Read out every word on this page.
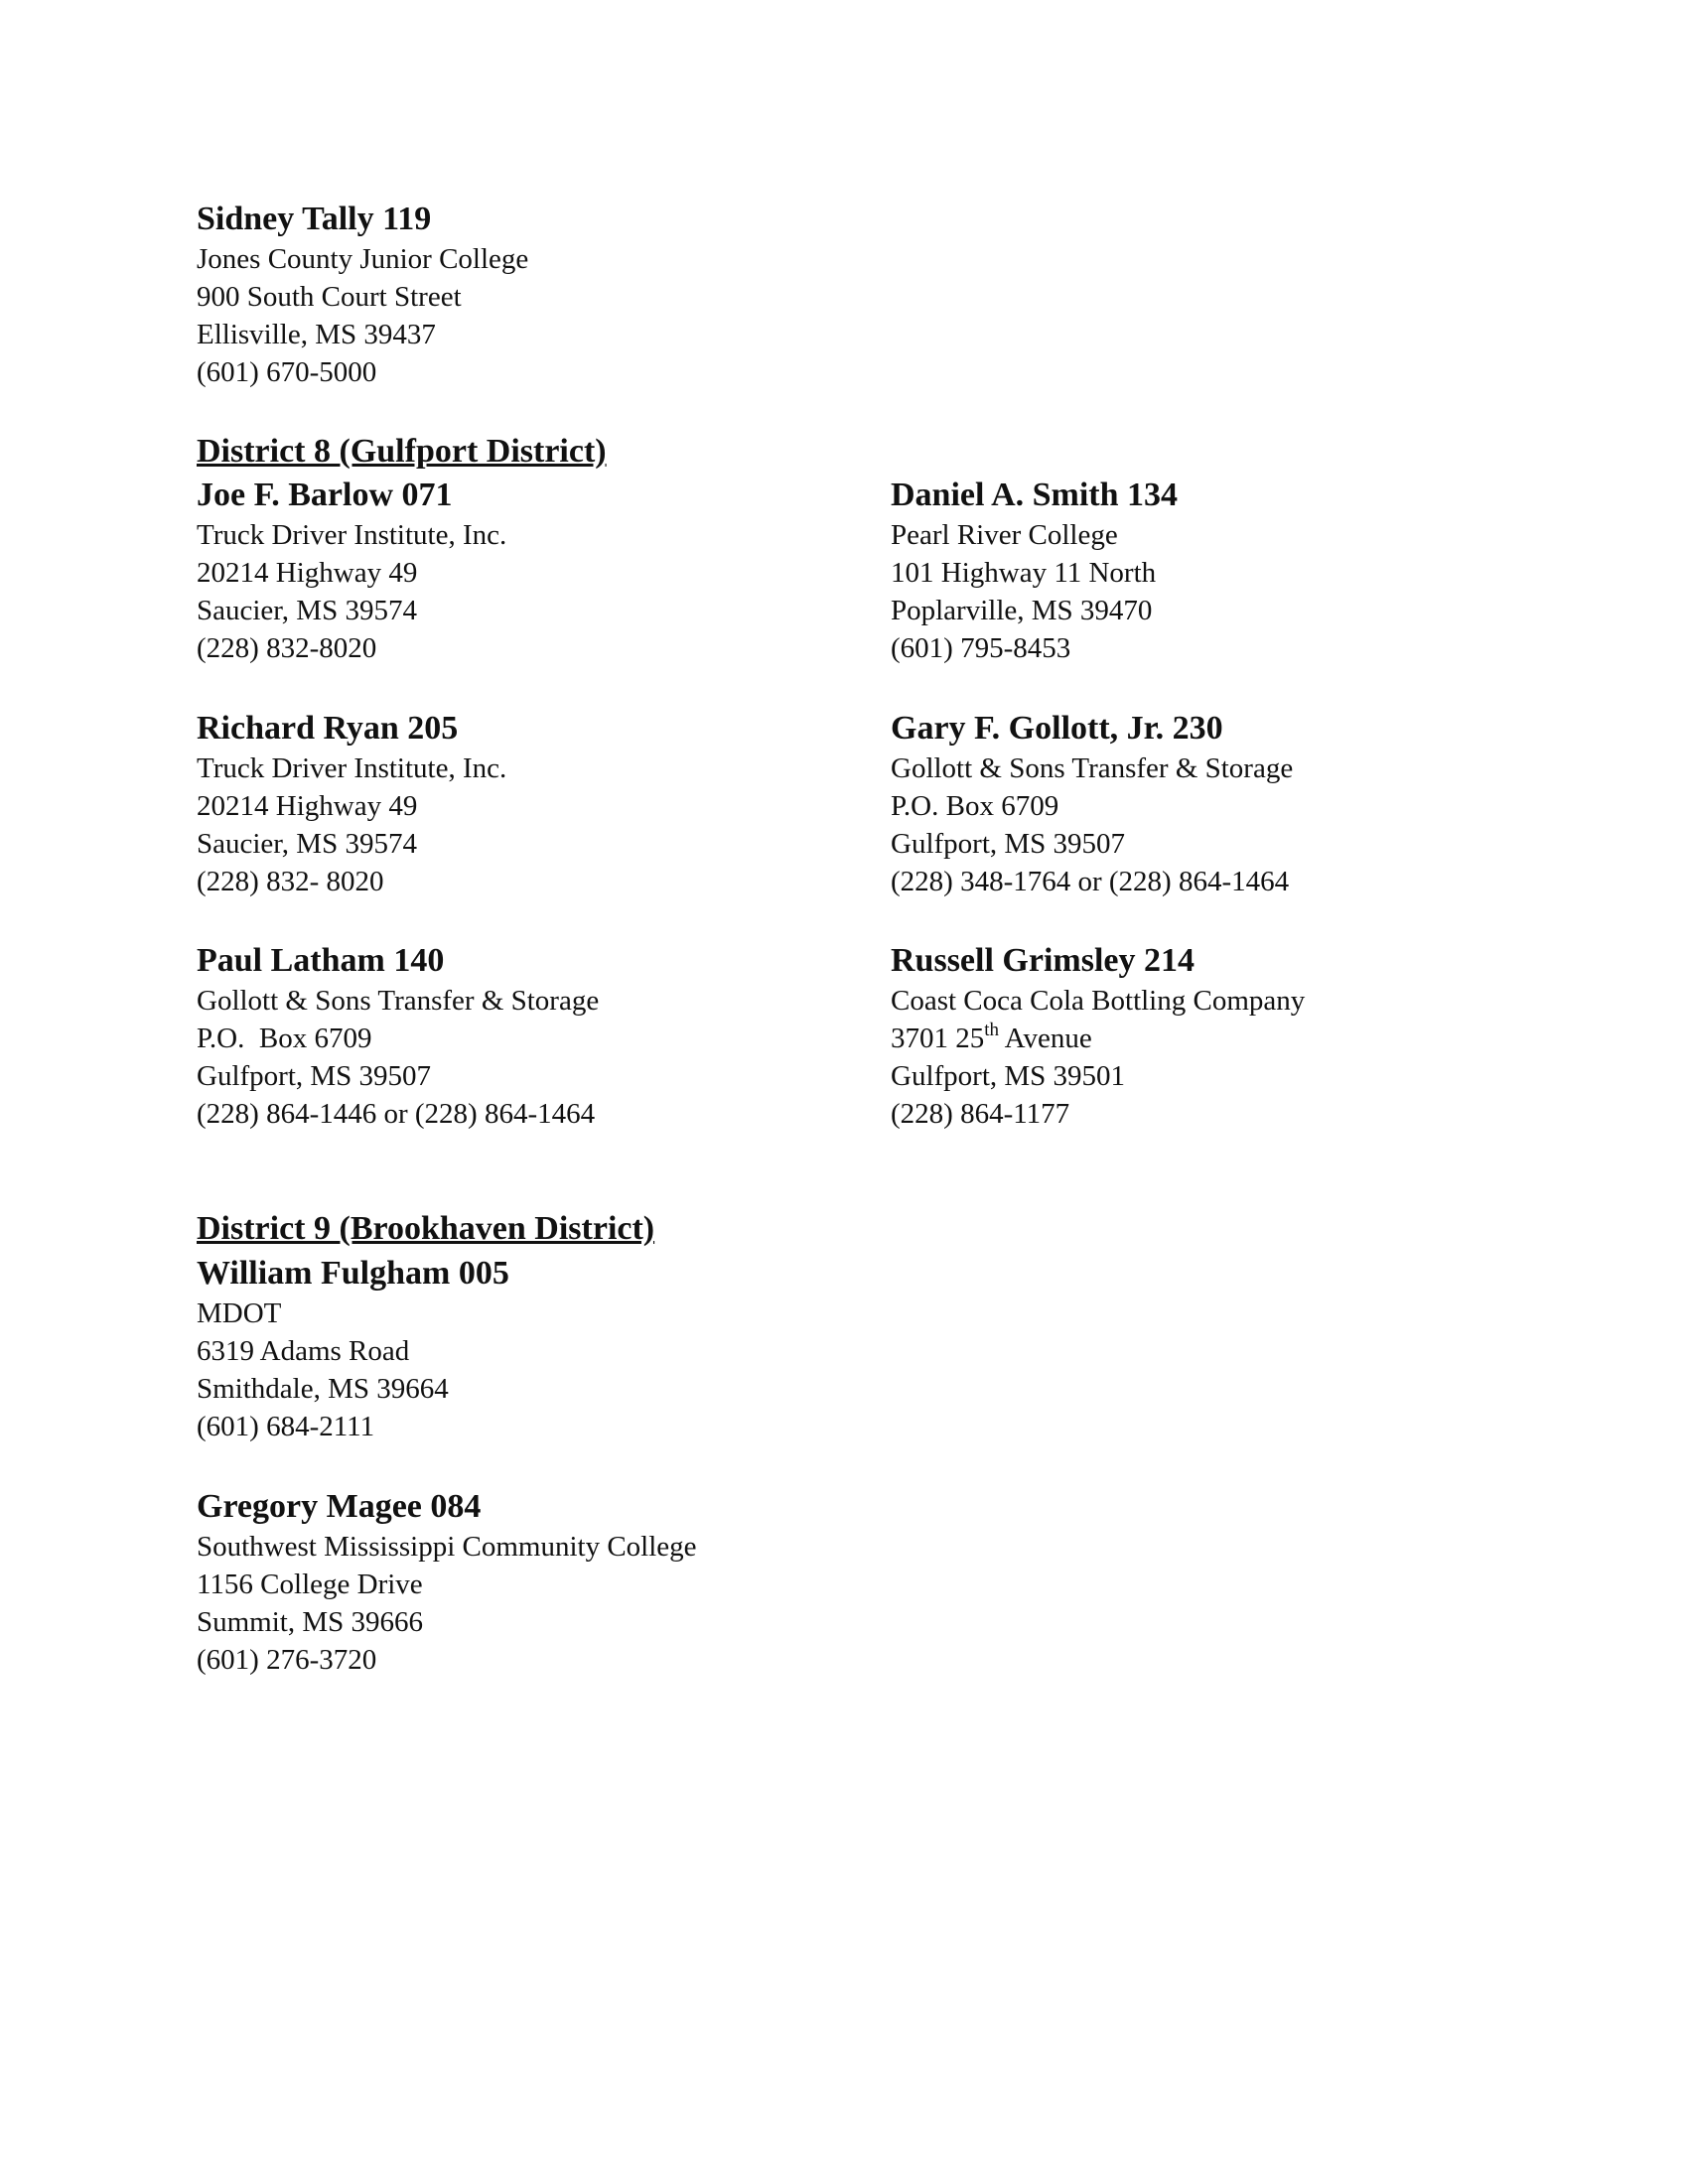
Sidney Tally 119
Jones County Junior College
900 South Court Street
Ellisville, MS 39437
(601) 670-5000
District 8 (Gulfport District)
Joe F. Barlow 071
Truck Driver Institute, Inc.
20214 Highway 49
Saucier, MS 39574
(228) 832-8020
Daniel A. Smith 134
Pearl River College
101 Highway 11 North
Poplarville, MS 39470
(601) 795-8453
Richard Ryan 205
Truck Driver Institute, Inc.
20214 Highway 49
Saucier, MS 39574
(228) 832- 8020
Gary F. Gollott, Jr. 230
Gollott & Sons Transfer & Storage
P.O. Box 6709
Gulfport, MS 39507
(228) 348-1764 or (228) 864-1464
Paul Latham 140
Gollott & Sons Transfer & Storage
P.O.  Box 6709
Gulfport, MS 39507
(228) 864-1446 or (228) 864-1464
Russell Grimsley 214
Coast Coca Cola Bottling Company
3701 25th Avenue
Gulfport, MS 39501
(228) 864-1177
District 9 (Brookhaven District)
William Fulgham 005
MDOT
6319 Adams Road
Smithdale, MS 39664
(601) 684-2111
Gregory Magee 084
Southwest Mississippi Community College
1156 College Drive
Summit, MS 39666
(601) 276-3720
